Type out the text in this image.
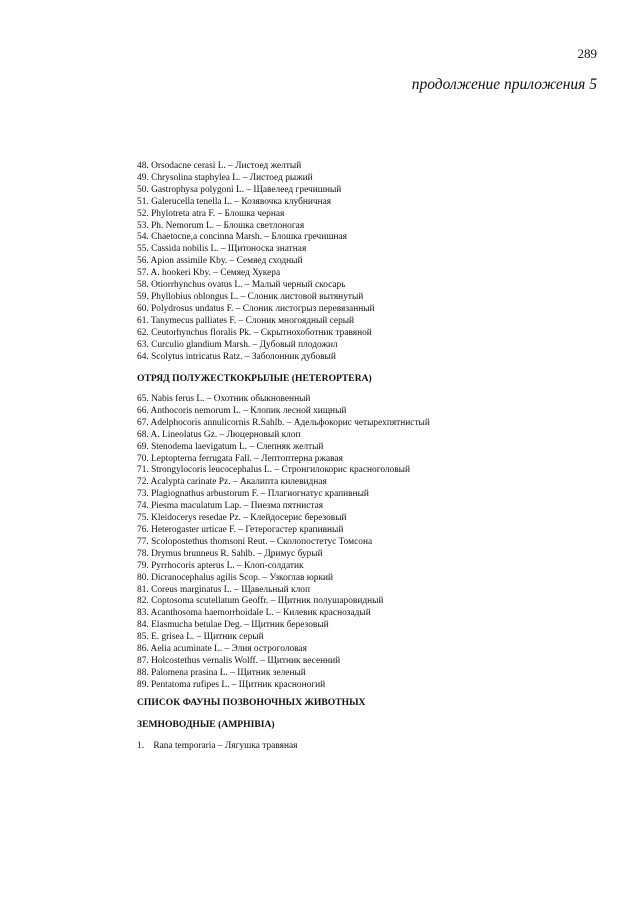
289
продолжение приложения 5
48. Orsodacne cerasi L. – Листоед желтый
49. Chrysolina staphylea L. – Листоед рыжий
50. Gastrophysa polygoni L. – Щавелеед гречишный
51. Galerucella tenella L. – Козявочка клубничная
52. Phylotreta atra F. – Блошка черная
53. Ph. Nemorum L. – Блошка светлоногая
54. Chaetocne,a concinna Marsh. – Блошка гречишная
55. Cassida nobilis L. – Щитоноска знатная
56. Apion assimile Kby. – Семяед сходный
57. A. hookeri Kby. – Семяед Хукера
58. Otiorrhynchus ovatus L. – Малый черный скосарь
59. Phyllobius oblongus L. – Слоник листовой вытянутый
60. Polydrosus undatus F. – Слоник листогрыз перевязанный
61. Tanymecus palliates F. – Слоник многоядный серый
62. Ceutorhynchus floralis Pk. – Скрытнохоботник травяной
63. Curculio glandium Marsh. – Дубовый плодожил
64. Scolytus intricatus Ratz. – Заболонник дубовый
ОТРЯД ПОЛУЖЕСТКОКРЫЛЫЕ (HETEROPTERA)
65. Nabis ferus L. – Охотник обыкновенный
66. Anthocoris nemorum L. – Клопик лесной хищный
67. Adelphocoris annulicornis R.Sahlb. – Адельфокорис четырехпятнистый
68. A. Lineolatus Gz. – Люцерновый клоп
69. Stenodema laevigatum L. – Слепняк желтый
70. Leptopterna ferrugata Fall. – Лептоптерна ржавая
71. Strongylocoris leucocephalus L. – Стронгилокорис красноголовый
72. Acalypta carinate Pz. – Акалипта килевидная
73. Plagiognathus arbustorum F. – Плагиогнатус крапивный
74. Piesma maculatum Lap. – Пиезма пятнистая
75. Kleidocerys resedae Pz. – Клейдосерис березовый
76. Heterogaster urticae F. – Гетерогастер крапивный
77. Scolopostethus thomsoni Reut. – Сколопостетус Томсона
78. Drymus brunneus R. Sahlb. – Дримус бурый
79. Pyrrhocoris apterus L. – Клоп-солдатик
80. Dicranocephalus agilis Scop. – Узкоглав юркий
81. Coreus marginatus L. – Щавельный клоп
82. Coptosoma scutellatum Geoffr. – Щитник полушаровидный
83. Acanthosoma haemorrhoidale L. – Килевик краснозадый
84. Elasmucha betulae Deg. – Щитник березовый
85. E. grisea L. – Щитник серый
86. Aelia acuminate L. – Элия остроголовая
87. Holcostethus vernalis Wolff. – Щитник весенний
88. Palomena prasina L. – Щитник зеленый
89. Pentatoma rufipes L. – Щитник красноногий
СПИСОК ФАУНЫ ПОЗВОНОЧНЫХ ЖИВОТНЫХ
ЗЕМНОВОДНЫЕ (AMPHIBIA)
1. Rana temporaria – Лягушка травяная
